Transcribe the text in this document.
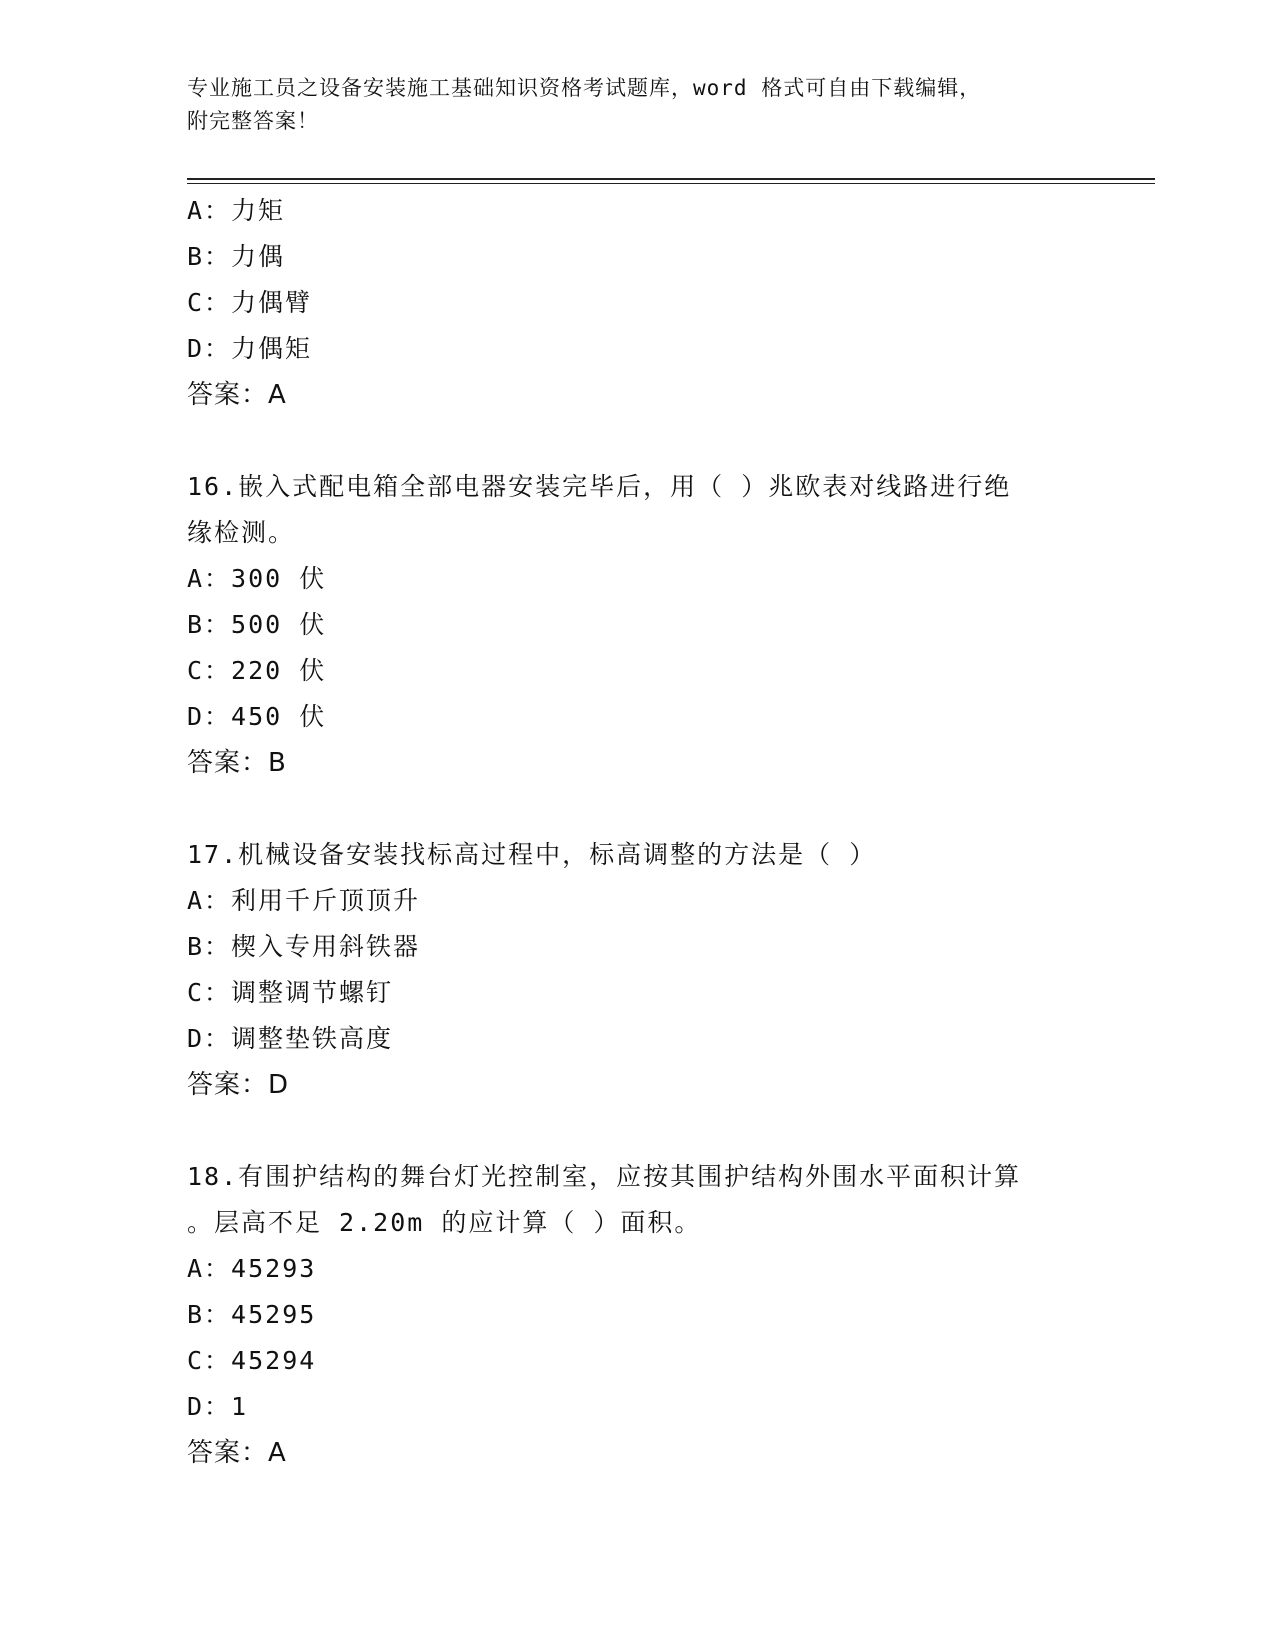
专业施工员之设备安装施工基础知识资格考试题库，word 格式可自由下载编辑，
附完整答案！
A：力矩
B：力偶
C：力偶臂
D：力偶矩
答案：A
16.嵌入式配电箱全部电器安装完毕后，用（ ）兆欧表对线路进行绝
缘检测。
A：300 伏
B：500 伏
C：220 伏
D：450 伏
答案：B
17.机械设备安装找标高过程中，标高调整的方法是（ ）
A：利用千斤顶顶升
B：楔入专用斜铁器
C：调整调节螺钉
D：调整垫铁高度
答案：D
18.有围护结构的舞台灯光控制室，应按其围护结构外围水平面积计算
。层高不足 2.20m 的应计算（ ）面积。
A：45293
B：45295
C：45294
D：1
答案：A
